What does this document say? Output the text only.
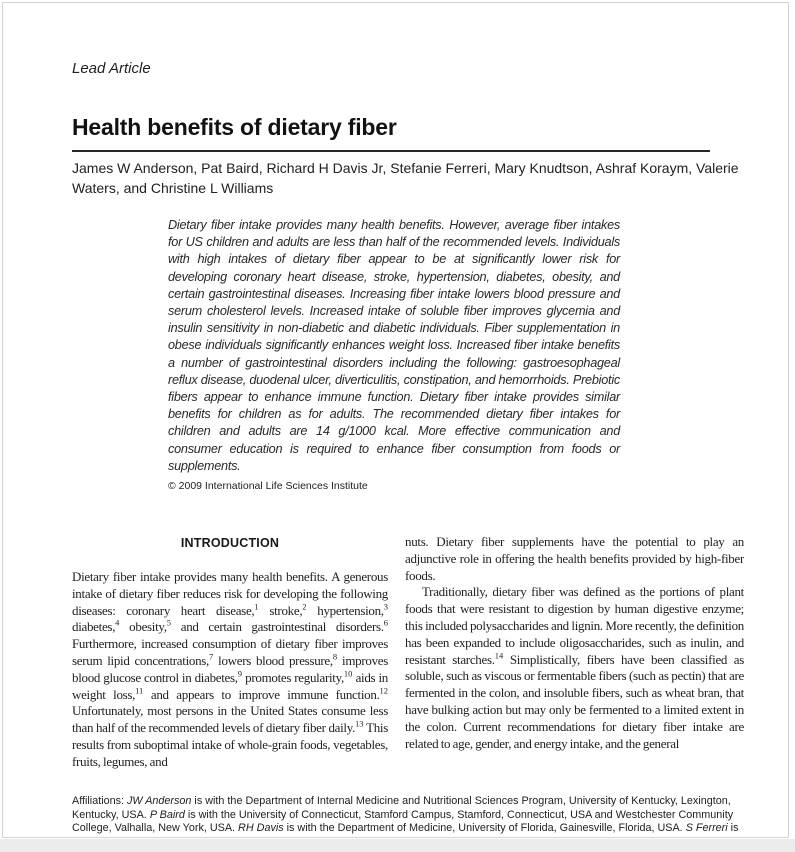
Lead Article
Health benefits of dietary fiber
James W Anderson, Pat Baird, Richard H Davis Jr, Stefanie Ferreri, Mary Knudtson, Ashraf Koraym, Valerie Waters, and Christine L Williams
Dietary fiber intake provides many health benefits. However, average fiber intakes for US children and adults are less than half of the recommended levels. Individuals with high intakes of dietary fiber appear to be at significantly lower risk for developing coronary heart disease, stroke, hypertension, diabetes, obesity, and certain gastrointestinal diseases. Increasing fiber intake lowers blood pressure and serum cholesterol levels. Increased intake of soluble fiber improves glycemia and insulin sensitivity in non-diabetic and diabetic individuals. Fiber supplementation in obese individuals significantly enhances weight loss. Increased fiber intake benefits a number of gastrointestinal disorders including the following: gastroesophageal reflux disease, duodenal ulcer, diverticulitis, constipation, and hemorrhoids. Prebiotic fibers appear to enhance immune function. Dietary fiber intake provides similar benefits for children as for adults. The recommended dietary fiber intakes for children and adults are 14 g/1000 kcal. More effective communication and consumer education is required to enhance fiber consumption from foods or supplements.
© 2009 International Life Sciences Institute
INTRODUCTION

Dietary fiber intake provides many health benefits. A generous intake of dietary fiber reduces risk for developing the following diseases: coronary heart disease,$^1$ stroke,$^2$ hypertension,$^3$ diabetes,$^4$ obesity,$^5$ and certain gastrointestinal disorders.$^6$ Furthermore, increased consumption of dietary fiber improves serum lipid concentrations,$^7$ lowers blood pressure,$^8$ improves blood glucose control in diabetes,$^9$ promotes regularity,$^{10}$ aids in weight loss,$^{11}$ and appears to improve immune function.$^{12}$ Unfortunately, most persons in the United States consume less than half of the recommended levels of dietary fiber daily.$^{13}$ This results from suboptimal intake of whole-grain foods, vegetables, fruits, legumes, and

nuts. Dietary fiber supplements have the potential to play an adjunctive role in offering the health benefits provided by high-fiber foods.

Traditionally, dietary fiber was defined as the portions of plant foods that were resistant to digestion by human digestive enzyme; this included polysaccharides and lignin. More recently, the definition has been expanded to include oligosaccharides, such as inulin, and resistant starches.$^{14}$ Simplistically, fibers have been classified as soluble, such as viscous or fermentable fibers (such as pectin) that are fermented in the colon, and insoluble fibers, such as wheat bran, that have bulking action but may only be fermented to a limited extent in the colon. Current recommendations for dietary fiber intake are related to age, gender, and energy intake, and the general

Affiliations: JW Anderson is with the Department of Internal Medicine and Nutritional Sciences Program, University of Kentucky, Lexington, Kentucky, USA. P Baird is with the University of Connecticut, Stamford Campus, Stamford, Connecticut, USA and Westchester Community College, Valhalla, New York, USA. RH Davis is with the Department of Medicine, University of Florida, Gainesville, Florida, USA. S Ferreri is
